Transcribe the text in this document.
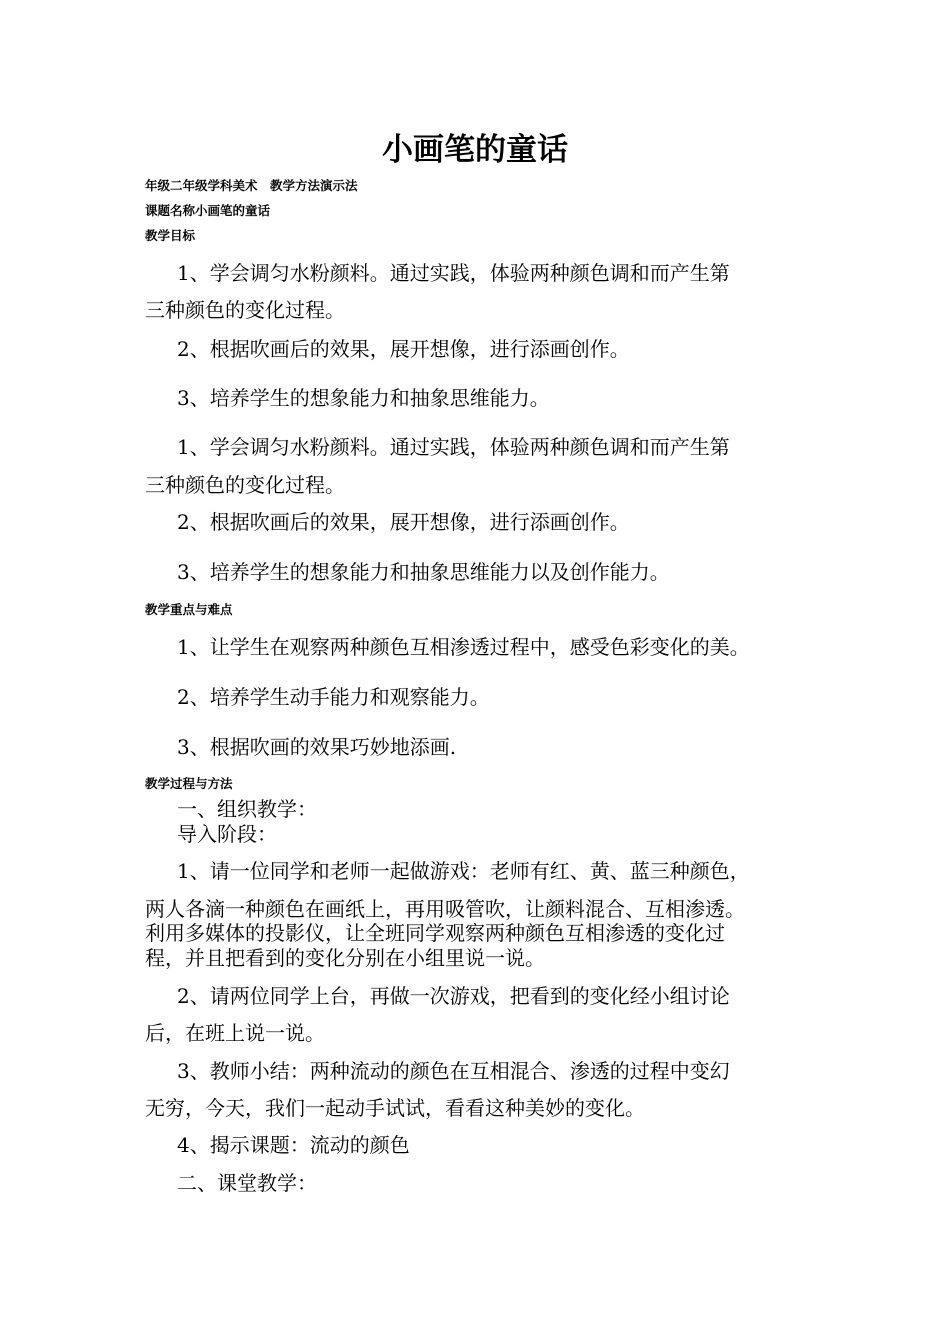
小画笔的童话
年级二年级学科美术　教学方法演示法
课题名称小画笔的童话
教学目标
1、学会调匀水粉颜料。通过实践，体验两种颜色调和而产生第
三种颜色的变化过程。
2、根据吹画后的效果，展开想像，进行添画创作。
3、培养学生的想象能力和抽象思维能力。
1、学会调匀水粉颜料。通过实践，体验两种颜色调和而产生第
三种颜色的变化过程。
2、根据吹画后的效果，展开想像，进行添画创作。
3、培养学生的想象能力和抽象思维能力以及创作能力。
教学重点与难点
1、让学生在观察两种颜色互相渗透过程中，感受色彩变化的美。
2、培养学生动手能力和观察能力。
3、根据吹画的效果巧妙地添画.
教学过程与方法
一、组织教学：
导入阶段：
1、请一位同学和老师一起做游戏：老师有红、黄、蓝三种颜色，
两人各滴一种颜色在画纸上，再用吸管吹，让颜料混合、互相渗透。
利用多媒体的投影仪，让全班同学观察两种颜色互相渗透的变化过
程，并且把看到的变化分别在小组里说一说。
2、请两位同学上台，再做一次游戏，把看到的变化经小组讨论
后，在班上说一说。
3、教师小结：两种流动的颜色在互相混合、渗透的过程中变幻
无穷，今天，我们一起动手试试，看看这种美妙的变化。
4、揭示课题：流动的颜色
二、课堂教学：
